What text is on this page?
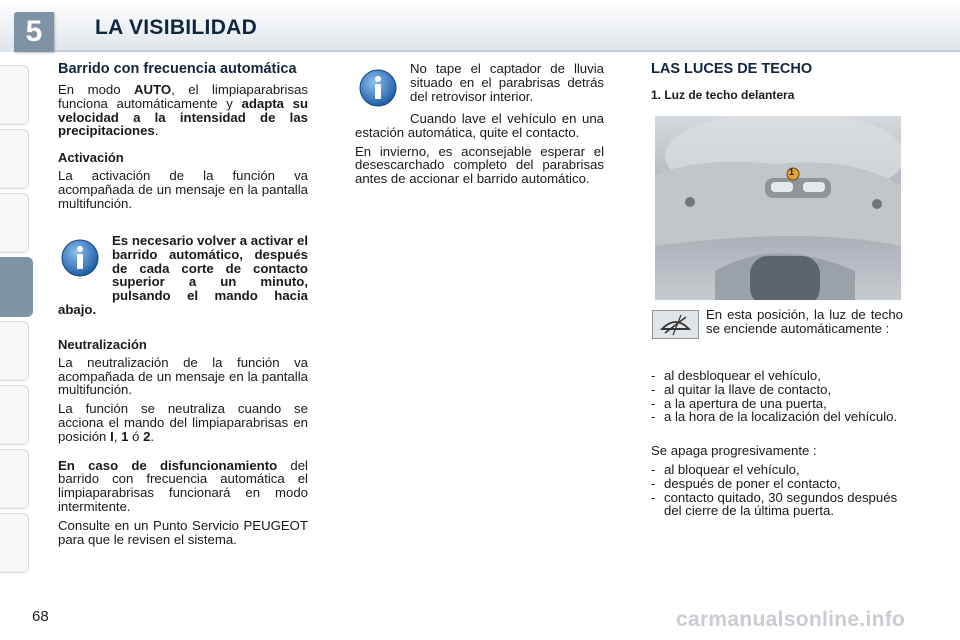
5	LA VISIBILIDAD
Barrido con frecuencia automática

En modo AUTO, el limpiaparabrisas funciona automáticamente y adapta su velocidad a la intensidad de las precipitaciones.

Activación

La activación de la función va acompañada de un mensaje en la pantalla multifunción.

Es necesario volver a activar el barrido automático, después de cada corte de contacto superior a un minuto, pulsando el mando hacia abajo.
Neutralización

La neutralización de la función va acompañada de un mensaje en la pantalla multifunción.

La función se neutraliza cuando se acciona el mando del limpiaparabrisas en posición I, 1 ó 2.

En caso de disfuncionamiento del barrido con frecuencia automática el limpiaparabrisas funcionará en modo intermitente.

Consulte en un Punto Servicio PEUGEOT para que le revisen el sistema.

No tape el captador de lluvia situado en el parabrisas detrás del retrovisor interior.

Cuando lave el vehículo en una estación automática, quite el contacto.

En invierno, es aconsejable esperar el desescarchado completo del parabrisas antes de accionar el barrido automático.

LAS LUCES DE TECHO
1. Luz de techo delantera
1

En esta posición, la luz de techo se enciende automáticamente :

- al desbloquear el vehículo,
- al quitar la llave de contacto,
- a la apertura de una puerta,
- a la hora de la localización del vehículo.

Se apaga progresivamente :

- al bloquear el vehículo,
- después de poner el contacto,
- contacto quitado, 30 segundos después del cierre de la última puerta.
68	carmanualsonline.info
